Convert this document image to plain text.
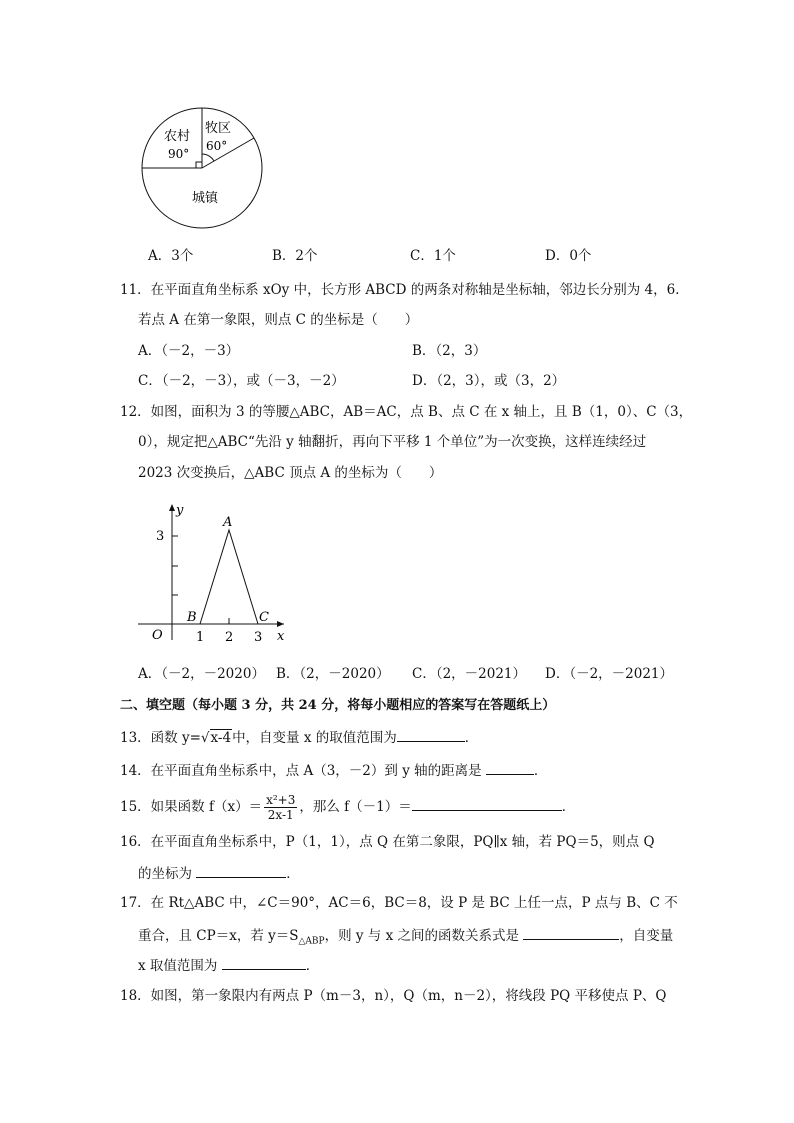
农村
90°
牧区
60°
城镇
A．3个	B．2个	C．1个	D．0个
11．在平面直角坐标系 xOy 中，长方形 ABCD 的两条对称轴是坐标轴，邻边长分别为 4，6．
若点 A 在第一象限，则点 C 的坐标是（　　）
A．（－2，－3）	B．（2，3）
C．（－2，－3），或（－3，－2）	D．（2，3），或（3，2）
12．如图，面积为 3 的等腰△ABC，AB＝AC，点 B、点 C 在 x 轴上，且 B（1，0）、C（3，
0），规定把△ABC“先沿 y 轴翻折，再向下平移 1 个单位”为一次变换，这样连续经过
2023 次变换后，△ABC 顶点 A 的坐标为（　　）
y
x
O
3
A
B	C
1 2 3
A．（－2，－2020） B．（2，－2020） C．（2，－2021） D．（－2，－2021）
二、填空题（每小题 3 分，共 24 分，将每小题相应的答案写在答题纸上）
13．函数 y=√x-4中，自变量 x 的取值范围为	．
14．在平面直角坐标系中，点 A（3，－2）到 y 轴的距离是	．
15．如果函数 $f(x)= \frac{\text{x²+3}}{2x-1}$ ，那么 f（－1）＝	．
16．在平面直角坐标系中，P（1，1），点 Q 在第二象限，PQ∥x 轴，若 PQ＝5，则点 Q
的坐标为	．
17．在 Rt△ABC 中，∠C＝90°，AC＝6，BC＝8，设 P 是 BC 上任一点，P 点与 B、C 不
重合，且 CP＝x，若 $y=S_{\triangle ABP}$，则 y 与 x 之间的函数关系式是	，自变量
x 取值范围为	．
18．如图，第一象限内有两点 P（m－3，n），Q（m，n－2），将线段 PQ 平移使点 P、Q
